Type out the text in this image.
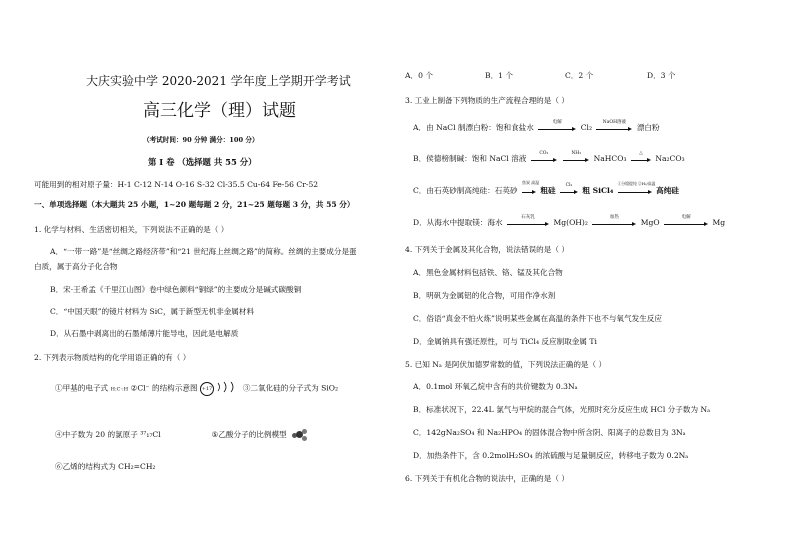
大庆实验中学 2020-2021 学年度上学期开学考试
高三化学（理）试题
（考试时间：90 分钟 满分：100 分）
第 Ⅰ 卷 （选择题 共 55 分）
可能用到的相对原子量：H-1 C-12 N-14 O-16 S-32 Cl-35.5 Cu-64 Fe-56 Cr-52
一、单项选择题（本大题共 25 小题，1~20 题每题 2 分，21~25 题每题 3 分，共 55 分）
1. 化学与材料、生活密切相关，下列说法不正确的是（ ）
A．“一带一路”是“丝绸之路经济带”和“21 世纪海上丝绸之路”的简称。丝绸的主要成分是蛋
白质，属于高分子化合物
B．宋·王希孟《千里江山图》卷中绿色颜料“铜绿”的主要成分是碱式碳酸铜
C．“中国天眼”的镜片材料为 SiC，属于新型无机非金属材料
D．从石墨中剥离出的石墨烯薄片能导电，因此是电解质
2. 下列表示物质结构的化学用语正确的有（ ）
①甲基的电子式 H:C·:H ②Cl⁻ 的结构示意图 +17	③二氧化硅的分子式为 SiO₂
④中子数为 20 的氯原子 ³⁷₁₇Cl	⑤乙酸分子的比例模型
⑥乙烯的结构式为 CH₂=CH₂
A．0 个	B．1 个	C．2 个	D．3 个
3. 工业上制备下列物质的生产流程合理的是（ ）
A．由 NaCl 制漂白粉：饱和食盐水
电解
Cl₂
NaOH溶液
漂白粉
B．侯德榜制碱：饱和 NaCl 溶液
CO₂
	NH₃
NaHCO₃
△
Na₂CO₃
C．由石英砂制高纯硅：石英砂
焦炭 高温
粗硅
Cl₂
粗 SiCl₄
①分馏提纯 ②H₂/高温
高纯硅
D．从海水中提取镁：海水
石灰乳
Mg(OH)₂
加热
MgO
电解
Mg
4. 下列关于金属及其化合物，说法错误的是（ ）
A．黑色金属材料包括铁、铬、锰及其化合物
B．明矾为金属铝的化合物，可用作净水剂
C．俗语“真金不怕火炼”说明某些金属在高温的条件下也不与氧气发生反应
D．金属钠具有强还原性，可与 TiCl₄ 反应制取金属 Ti
5. 已知 Nₐ 是阿伏加德罗常数的值，下列说法正确的是（ ）
A．0.1mol 环氧乙烷中含有的共价键数为 0.3Nₐ
B．标准状况下，22.4L 氯气与甲烷的混合气体，光照时充分反应生成 HCl 分子数为 Nₐ
C．142gNa₂SO₄ 和 Na₂HPO₄ 的固体混合物中所含阴、阳离子的总数目为 3Nₐ
D．加热条件下，含 0.2molH₂SO₄ 的浓硫酸与足量铜反应，转移电子数为 0.2Nₐ
6. 下列关于有机化合物的说法中，正确的是（ ）
